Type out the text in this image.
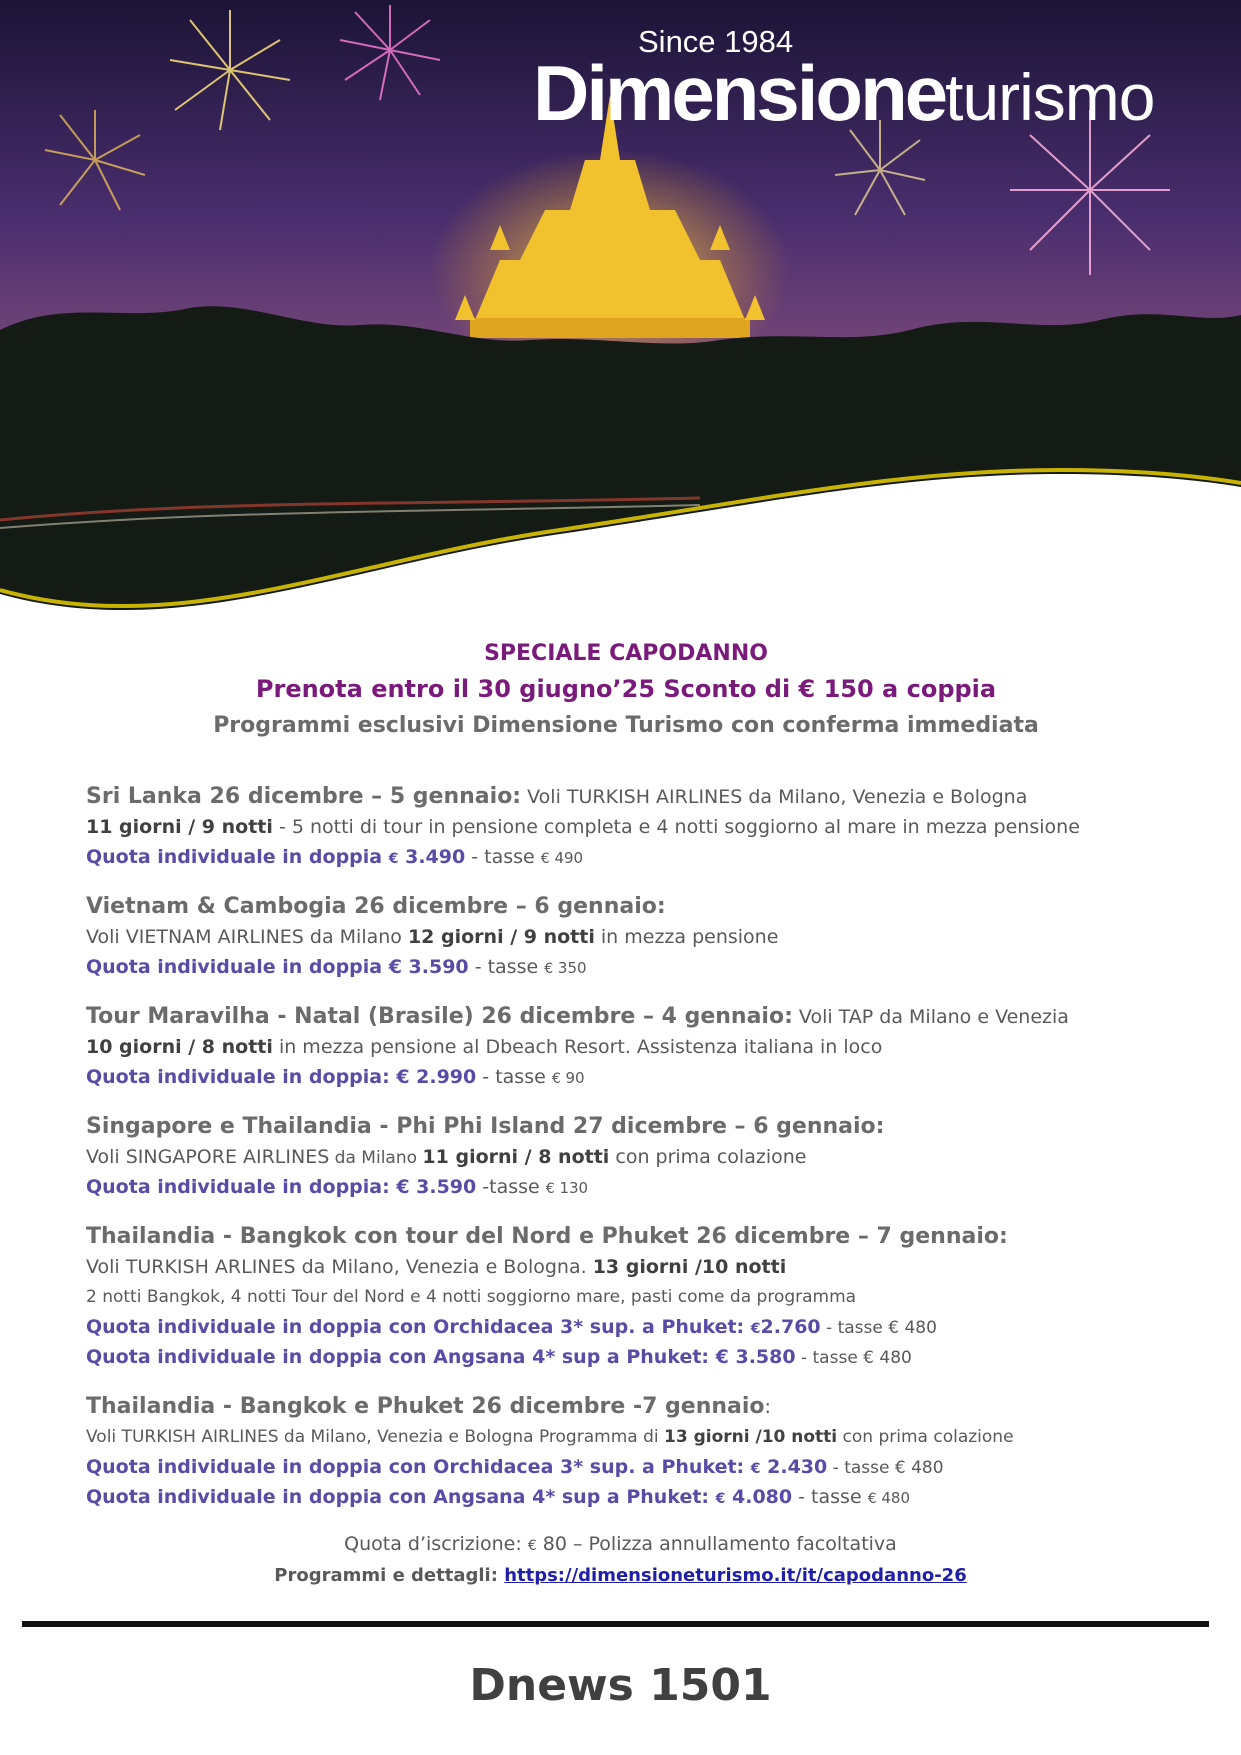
Since 1984
Dimensioneturismo
SPECIALE CAPODANNO
Prenota entro il 30 giugno’25 Sconto di € 150 a coppia
Programmi esclusivi Dimensione Turismo con conferma immediata
Sri Lanka 26 dicembre – 5 gennaio: Voli TURKISH AIRLINES da Milano, Venezia e Bologna
11 giorni / 9 notti - 5 notti di tour in pensione completa e 4 notti soggiorno al mare in mezza pensione
Quota individuale in doppia € 3.490 - tasse € 490
Vietnam & Cambogia 26 dicembre – 6 gennaio:
Voli VIETNAM AIRLINES da Milano 12 giorni / 9 notti in mezza pensione
Quota individuale in doppia € 3.590 - tasse € 350
Tour Maravilha - Natal (Brasile) 26 dicembre – 4 gennaio: Voli TAP da Milano e Venezia
10 giorni / 8 notti in mezza pensione al Dbeach Resort. Assistenza italiana in loco
Quota individuale in doppia: € 2.990 - tasse € 90
Singapore e Thailandia - Phi Phi Island 27 dicembre – 6 gennaio:
Voli SINGAPORE AIRLINES da Milano 11 giorni / 8 notti con prima colazione
Quota individuale in doppia: € 3.590 -tasse € 130
Thailandia - Bangkok con tour del Nord e Phuket 26 dicembre – 7 gennaio:
Voli TURKISH ARLINES da Milano, Venezia e Bologna. 13 giorni /10 notti
2 notti Bangkok, 4 notti Tour del Nord e 4 notti soggiorno mare, pasti come da programma
Quota individuale in doppia con Orchidacea 3* sup. a Phuket: €2.760 - tasse € 480
Quota individuale in doppia con Angsana 4* sup a Phuket: € 3.580 - tasse € 480
Thailandia - Bangkok e Phuket 26 dicembre -7 gennaio:
Voli TURKISH AIRLINES da Milano, Venezia e Bologna Programma di 13 giorni /10 notti con prima colazione
Quota individuale in doppia con Orchidacea 3* sup. a Phuket: € 2.430 - tasse € 480
Quota individuale in doppia con Angsana 4* sup a Phuket: € 4.080 - tasse € 480
Quota d’iscrizione: € 80 – Polizza annullamento facoltativa
Programmi e dettagli: https://dimensioneturismo.it/it/capodanno-26
Dnews 1501
